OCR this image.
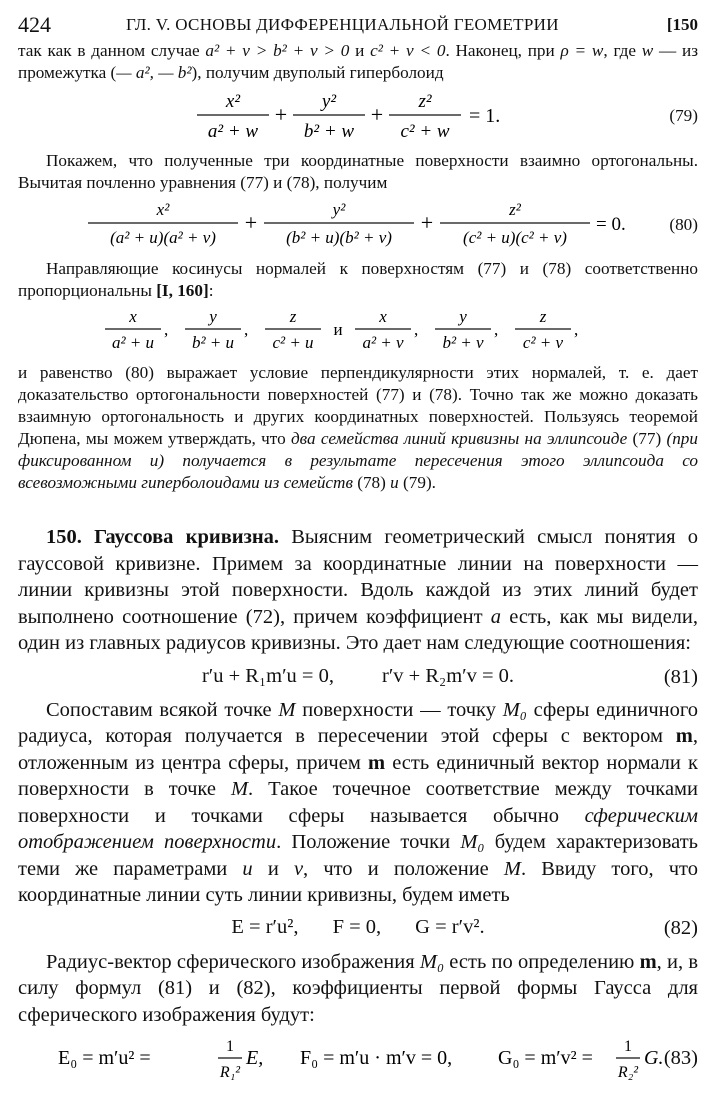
424	ГЛ. V. ОСНОВЫ ДИФФЕРЕНЦИАЛЬНОЙ ГЕОМЕТРИИ	[150

так как в данном случае a² + v > b² + v > 0 и c² + v < 0. Наконец, при ρ = w, где w — из промежутка (— a², — b²), получим двуполый гиперболоид

x²
a² + w
+
y²
b² + w
+
z²
c² + w
= 1.	(79)

Покажем, что полученные три координатные поверхности взаимно ортогональны. Вычитая почленно уравнения (77) и (78), получим

x²
(a² + u)(a² + v)
+
y²
(b² + u)(b² + v)
+
z²
(c² + u)(c² + v)
= 0.	(80)

Направляющие косинусы нормалей к поверхностям (77) и (78) соответственно пропорциональны [I, 160]:

x
a² + u
,
y
b² + u
,
z
c² + u
и
x
a² + v
,
y
b² + v
,
z
c² + v
,

и равенство (80) выражает условие перпендикулярности этих нормалей, т. е. дает доказательство ортогональности поверхностей (77) и (78). Точно так же можно доказать взаимную ортогональность и других координатных поверхностей. Пользуясь теоремой Дюпена, мы можем утверждать, что два семейства линий кривизны на эллипсоиде (77) (при фиксированном u) получается в результате пересечения этого эллипсоида со всевозможными гиперболоидами из семейств (78) и (79).

150. Гауссова кривизна. Выясним геометрический смысл понятия о гауссовой кривизне. Примем за координатные линии на поверхности — линии кривизны этой поверхности. Вдоль каждой из этих линий будет выполнено соотношение (72), причем коэффициент a есть, как мы видели, один из главных радиусов кривизны. Это дает нам следующие соотношения:

r′u + R₁m′u = 0, r′v + R₂m′v = 0.	(81)

Сопоставим всякой точке M поверхности — точку M₀ сферы единичного радиуса, которая получается в пересечении этой сферы с вектором m, отложенным из центра сферы, причем m есть единичный вектор нормали к поверхности в точке M. Такое точечное соответствие между точками поверхности и точками сферы называется обычно сферическим отображением поверхности. Положение точки M₀ будем характеризовать теми же параметрами u и v, что и положение M. Ввиду того, что координатные линии суть линии кривизны, будем иметь

E = r′u², F = 0, G = r′v².	(82)

Радиус-вектор сферического изображения M₀ есть по определению m, и, в силу формул (81) и (82), коэффициенты первой формы Гаусса для сферического изображения будут:

E₀ = m′u² =
1
R₁²
E, F₀ = m′u · m′v = 0, G₀ = m′v² =
1
R₂²
G. (83)
